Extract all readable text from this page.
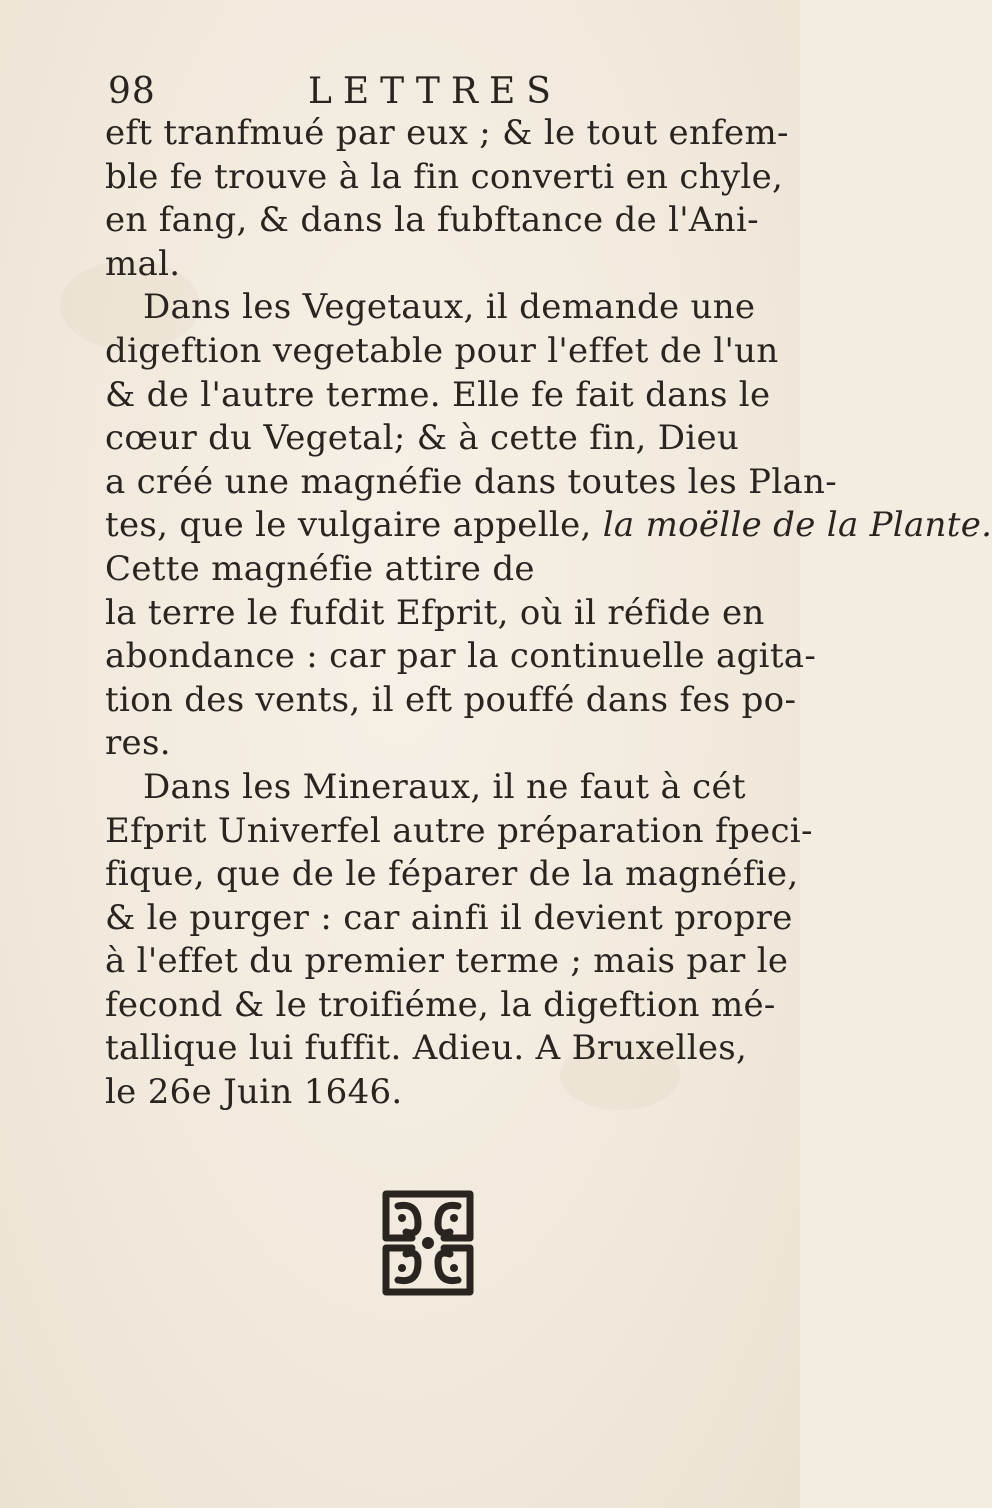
98	LETTRES
eft tranfmué par eux ; & le tout enfem-
ble fe trouve à la fin converti en chyle,
en fang, & dans la fubftance de l'Ani-
mal.
Dans les Vegetaux, il demande une
digeftion vegetable pour l'effet de l'un
& de l'autre terme. Elle fe fait dans le
cœur du Vegetal; & à cette fin, Dieu
a créé une magnéfie dans toutes les Plan-
tes, que le vulgaire appelle, la moëlle de la Plante.
Cette magnéfie attire de
la terre le fufdit Efprit, où il réfide en
abondance : car par la continuelle agita-
tion des vents, il eft pouffé dans fes po-
res.
Dans les Mineraux, il ne faut à cét
Efprit Univerfel autre préparation fpeci-
fique, que de le féparer de la magnéfie,
& le purger : car ainfi il devient propre
à l'effet du premier terme ; mais par le
fecond & le troifiéme, la digeftion mé-
tallique lui fuffit. Adieu. A Bruxelles,
le 26e Juin 1646.
